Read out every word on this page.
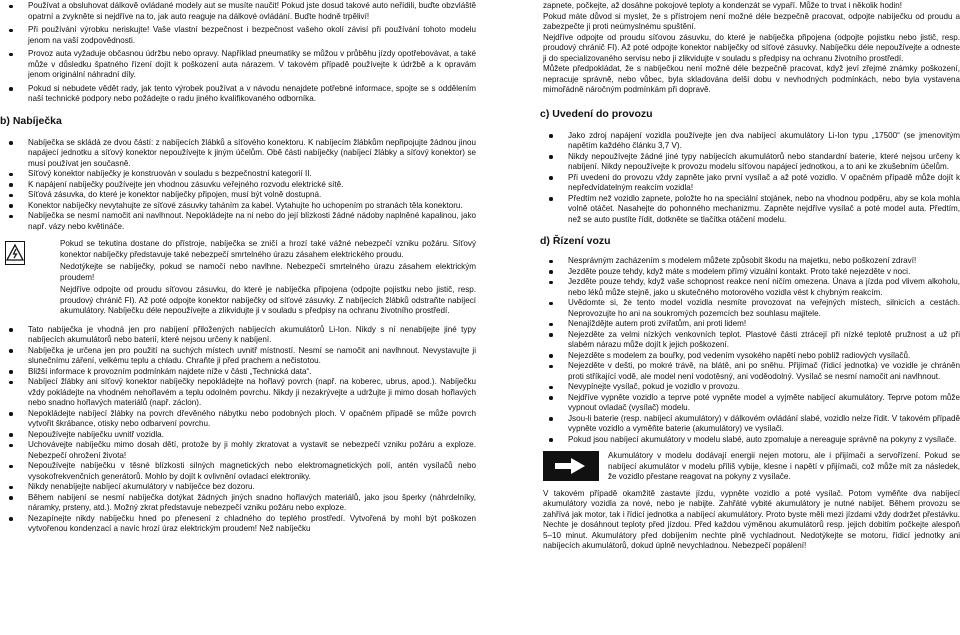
Používat a obsluhovat dálkově ovládané modely aut se musíte naučit! Pokud jste dosud takové auto neřídili, buďte obzvláště opatrní a zvykněte si nejdříve na to, jak auto reaguje na dálkové ovládání. Buďte hodně trpěliví!
Při používání výrobku neriskujte! Vaše vlastní bezpečnost i bezpečnost vašeho okolí závisí při používání tohoto modelu jenom na vaší zodpovědnosti.
Provoz auta vyžaduje občasnou údržbu nebo opravy. Například pneumatiky se můžou v průběhu jízdy opotřebovávat, a také může v důsledku špatného řízení dojít k poškození auta nárazem. V takovém případě používejte k údržbě a k opravám jenom originální náhradní díly.
Pokud si nebudete vědět rady, jak tento výrobek používat a v návodu nenajdete potřebné informace, spojte se s oddělením naší technické podpory nebo požádejte o radu jiného kvalifikovaného odborníka.
b) Nabíječka
Nabíječka se skládá ze dvou částí: z nabíjecích žlábků a síťového konektoru. K nabíjecím žlábkům nepřipojujte žádnou jinou napájecí jednotku a síťový konektor nepoužívejte k jiným účelům. Obě části nabíječky (nabíjecí žlábky a síťový konektor) se musí používat jen současně.
Síťový konektor nabíječky je konstruován v souladu s bezpečnostní kategorií II.
K napájení nabíječky používejte jen vhodnou zásuvku veřejného rozvodu elektrické sítě.
Síťová zásuvka, do které je konektor nabíječky připojen, musí být volně dostupná.
Konektor nabíječky nevytahujte ze síťové zásuvky taháním za kabel. Vytahujte ho uchopením po stranách těla konektoru.
Nabíječka se nesmí namočit ani navlhnout. Nepokládejte na ni nebo do její blízkosti žádné nádoby naplněné kapalinou, jako např. vázy nebo květináče.

Pokud se tekutina dostane do přístroje, nabíječka se zničí a hrozí také vážné nebezpečí vzniku požáru. Síťový konektor nabíječky představuje také nebezpečí smrtelného úrazu zásahem elektrického proudu.

Nedotýkejte se nabíječky, pokud se namočí nebo navlhne. Nebezpečí smrtelného úrazu zásahem elektrickým proudem!

Nejdříve odpojte od proudu síťovou zásuvku, do které je nabíječka připojena (odpojte pojistku nebo jistič, resp. proudový chránič FI). Až poté odpojte konektor nabíječky od síťové zásuvky. Z nabíjecích žlábků odstraňte nabíjecí akumulátory. Nabíječku déle nepoužívejte a zlikvidujte ji v souladu s předpisy na ochranu životního prostředí.

Tato nabíječka je vhodná jen pro nabíjení přiložených nabíjecích akumulátorů Li-Ion. Nikdy s ní nenabíjejte jiné typy nabíjecích akumulátorů nebo baterií, které nejsou určeny k nabíjení.
Nabíječka je určena jen pro použití na suchých místech uvnitř místností. Nesmí se namočit ani navlhnout. Nevystavujte ji slunečnímu záření, velkému teplu a chladu. Chraňte ji před prachem a nečistotou.
Bližší informace k provozním podmínkám najdete níže v části „Technická data“.
Nabíjecí žlábky ani síťový konektor nabíječky nepokládejte na hořlavý povrch (např. na koberec, ubrus, apod.). Nabíječku vždy pokládejte na vhodném nehořlavém a teplu odolném povrchu. Nikdy ji nezakrývejte a udržujte ji mimo dosah hořlavých nebo snadno hořlavých materiálů (např. záclon).
Nepokládejte nabíjecí žlábky na povrch dřevěného nábytku nebo podobných ploch. V opačném případě se může povrch vytvořit škrábance, otisky nebo odbarvení povrchu.
Nepoužívejte nabíječku uvnitř vozidla.
Uchovávejte nabíječku mimo dosah dětí, protože by ji mohly zkratovat a vystavit se nebezpečí vzniku požáru a exploze. Nebezpečí ohrožení života!
Nepoužívejte nabíječku v těsné blízkosti silných magnetických nebo elektromagnetických polí, antén vysílačů nebo vysokofrekvenčních generátorů. Mohlo by dojít k ovlivnění ovladací elektroniky.
Nikdy nenabíjejte nabíjecí akumulátory v nabíječce bez dozoru.
Během nabíjení se nesmí nabíječka dotýkat žádných jiných snadno hořlavých materiálů, jako jsou šperky (náhrdelníky, náramky, prsteny, atd.). Možný zkrat představuje nebezpečí vzniku požáru nebo exploze.
Nezapínejte nikdy nabíječku hned po přenesení z chladného do teplého prostředí. Vytvořená by mohl být poškozen vytvořenou kondenzací a navíc hrozí úraz elektrickým proudem! Než nabíječku

zapnete, počkejte, až dosáhne pokojové teploty a kondenzát se vypaří. Může to trvat i několik hodin!

Pokud máte důvod si myslet, že s přístrojem není možné déle bezpečně pracovat, odpojte nabíječku od proudu a zabezpečte ji proti neúmyslnému spuštění.

Nejdříve odpojte od proudu síťovou zásuvku, do které je nabíječka připojena (odpojte pojistku nebo jistič, resp. proudový chránič FI). Až poté odpojte konektor nabíječky od síťové zásuvky. Nabíječku déle nepoužívejte a odneste ji do specializovaného servisu nebo ji zlikvidujte v souladu s předpisy na ochranu životního prostředí.

Můžete předpokládat, že s nabíječkou není možné déle bezpečně pracovat, když jeví zřejmé známky poškození, nepracuje správně, nebo vůbec, byla skladována delší dobu v nevhodných podmínkách, nebo byla vystavena mimořádně náročným podmínkám při dopravě.

c) Uvedení do provozu
Jako zdroj napájení vozidla používejte jen dva nabíjecí akumulátory Li-Ion typu „17500“ (se jmenovitým napětím každého článku 3,7 V).
Nikdy nepoužívejte žádné jiné typy nabíjecích akumulátorů nebo standardní baterie, které nejsou určeny k nabíjení. Nikdy nepoužívejte k provozu modelu síťovou napájecí jednotkou, a to ani ke zkušebním účelům.
Při uvedení do provozu vždy zapněte jako první vysílač a až poté vozidlo. V opačném případě může dojít k nepředvídatelným reakcím vozidla!
Předtím než vozidlo zapnete, položte ho na speciální stojánek, nebo na vhodnou podpěru, aby se kola mohla volně otáčet. Nasahejte do pohonného mechanizmu. Zapněte nejdříve vysílač a poté model auta. Předtím, než se auto pustíte řídit, dotkněte se tlačítka otáčení modelu.
d) Řízení vozu
Nesprávným zacházením s modelem můžete způsobit škodu na majetku, nebo poškození zdraví!
Jezděte pouze tehdy, když máte s modelem přímý vizuální kontakt. Proto také nejezděte v noci.
Jezděte pouze tehdy, když vaše schopnost reakce není ničím omezena. Únava a jízda pod vlivem alkoholu, nebo léků může stejně, jako u skutečného motorového vozidla vést k chybným reakcím.
Uvědomte si, že tento model vozidla nesmíte provozovat na veřejných místech, silnicích a cestách. Neprovozujte ho ani na soukromých pozemcích bez souhlasu majitele.
Nenajíždějte autem proti zvířatům, ani proti lidem!
Nejezděte za velmi nízkých venkovních teplot. Plastové části ztrácejí při nízké teplotě pružnost a už při slabém nárazu může dojít k jejich poškození.
Nejezděte s modelem za bouřky, pod vedením vysokého napětí nebo poblíž radiových vysílačů.
Nejezděte v dešti, po mokré trávě, na blátě, ani po sněhu. Přijímač (řídicí jednotka) ve vozidle je chráněn proti stříkající vodě, ale model není vodotěsný, ani voděodolný. Vysílač se nesmí namočit ani navlhnout.
Nevypínejte vysílač, pokud je vozidlo v provozu.
Nejdříve vypněte vozidlo a teprve poté vypněte model a vyjměte nabíjecí akumulátory. Teprve potom může vypnout ovladač (vysílač) modelu.
Jsou-li baterie (resp. nabíjecí akumulátory) v dálkovém ovládání slabé, vozidlo nelze řídit. V takovém případě vypněte vozidlo a vyměňte baterie (akumulátory) ve vysílači.
Pokud jsou nabíjecí akumulátory v modelu slabé, auto zpomaluje a nereaguje správně na pokyny z vysílače.

Akumulátory v modelu dodávají energii nejen motoru, ale i přijímači a servořízení. Pokud se nabíjecí akumulátor v modelu příliš vybije, klesne i napětí v přijímači, což může mít za následek, že vozidlo přestane reagovat na pokyny z vysílače.

V takovém případě okamžitě zastavte jízdu, vypněte vozidlo a poté vysílač. Potom vyměňte dva nabíjecí akumulátory vozidla za nové, nebo je nabijte. Zahřáté vybité akumulátory je nutné nabíjet. Během provozu se zahřívá jak motor, tak i řídicí jednotka a nabíjecí akumulátory. Proto byste měli mezi jízdami vždy dodržet přestávku. Nechte je dosáhnout teploty před jízdou. Před každou výměnou akumulátorů resp. jejich dobitím počkejte alespoň 5–10 minut. Akumulátory před dobíjením nechte plně vychladnout. Nedotýkejte se motoru, řídicí jednotky ani nabíjecích akumulátorů, dokud úplně nevychladnou. Nebezpečí popálení!
